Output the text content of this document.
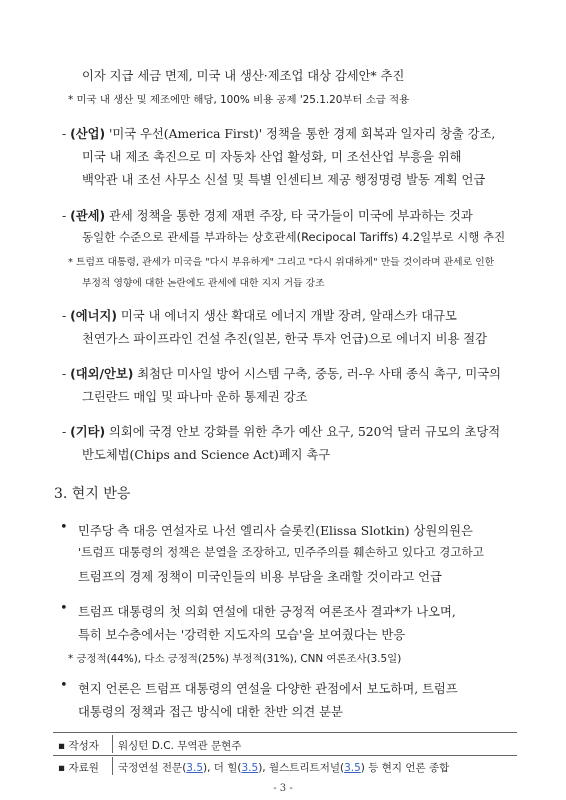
이자 지급 세금 면제, 미국 내 생산·제조업 대상 감세안* 추진
* 미국 내 생산 및 제조에만 해당, 100% 비용 공제 '25.1.20부터 소급 적용
- (산업) '미국 우선(America First)' 정책을 통한 경제 회복과 일자리 창출 강조,
미국 내 제조 촉진으로 미 자동차 산업 활성화, 미 조선산업 부흥을 위해
백악관 내 조선 사무소 신설 및 특별 인센티브 제공 행정명령 발동 계획 언급
- (관세) 관세 정책을 통한 경제 재편 주장, 타 국가들이 미국에 부과하는 것과
동일한 수준으로 관세를 부과하는 상호관세(Recipocal Tariffs) 4.2일부로 시행 추진
* 트럼프 대통령, 관세가 미국을 "다시 부유하게" 그리고 "다시 위대하게" 만들 것이라며 관세로 인한
부정적 영향에 대한 논란에도 관세에 대한 지지 거듭 강조
- (에너지) 미국 내 에너지 생산 확대로 에너지 개발 장려, 알래스카 대규모
천연가스 파이프라인 건설 추진(일본, 한국 투자 언급)으로 에너지 비용 절감
- (대외/안보) 최첨단 미사일 방어 시스템 구축, 중동, 러-우 사태 종식 촉구, 미국의
그린란드 매입 및 파나마 운하 통제권 강조
- (기타) 의회에 국경 안보 강화를 위한 추가 예산 요구, 520억 달러 규모의 초당적
반도체법(Chips and Science Act)폐지 촉구
3. 현지 반응
• 민주당 측 대응 연설자로 나선 엘리사 슬롯킨(Elissa Slotkin) 상원의원은
'트럼프 대통령의 정책은 분열을 조장하고, 민주주의를 훼손하고 있다고 경고하고
트럼프의 경제 정책이 미국인들의 비용 부담을 초래할 것이라고 언급
• 트럼프 대통령의 첫 의회 연설에 대한 긍정적 여론조사 결과*가 나오며,
특히 보수층에서는 '강력한 지도자의 모습'을 보여줬다는 반응
* 긍정적(44%), 다소 긍정적(25%) 부정적(31%), CNN 여론조사(3.5일)
• 현지 언론은 트럼프 대통령의 연설을 다양한 관점에서 보도하며, 트럼프
대통령의 정책과 접근 방식에 대한 찬반 의견 분분
▪ 작성자 워싱턴 D.C. 무역관 문현주
▪ 자료원 국정연설 전문(3.5), 더 힐(3.5), 월스트리트저널(3.5) 등 현지 언론 종합
- 3 -
